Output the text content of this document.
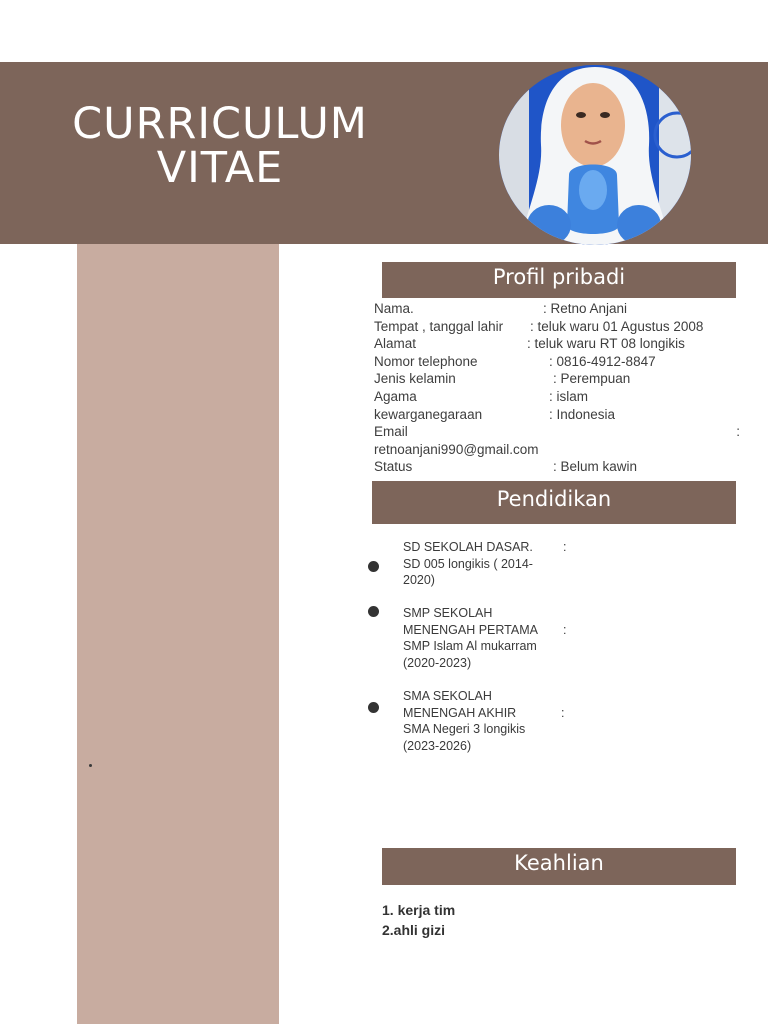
CURRICULUM
VITAE
Profil pribadi
Nama.	: Retno Anjani
Tempat , tanggal lahir : teluk waru 01 Agustus 2008
Alamat	: teluk waru RT 08 longikis
Nomor telephone	: 0816-4912-8847
Jenis kelamin	: Perempuan
Agama	: islam
kewarganegaraan	: Indonesia
Email	:
retnoanjani990@gmail.com
Status	: Belum kawin
Pendidikan
SD SEKOLAH DASAR.
SD 005 longikis ( 2014-
2020)
:
SMP SEKOLAH
MENENGAH PERTAMA
SMP Islam Al mukarram
(2020-2023)
:
SMA SEKOLAH
MENENGAH AKHIR
SMA Negeri 3 longikis
(2023-2026)
:
Keahlian
1. kerja tim
2.ahli gizi
